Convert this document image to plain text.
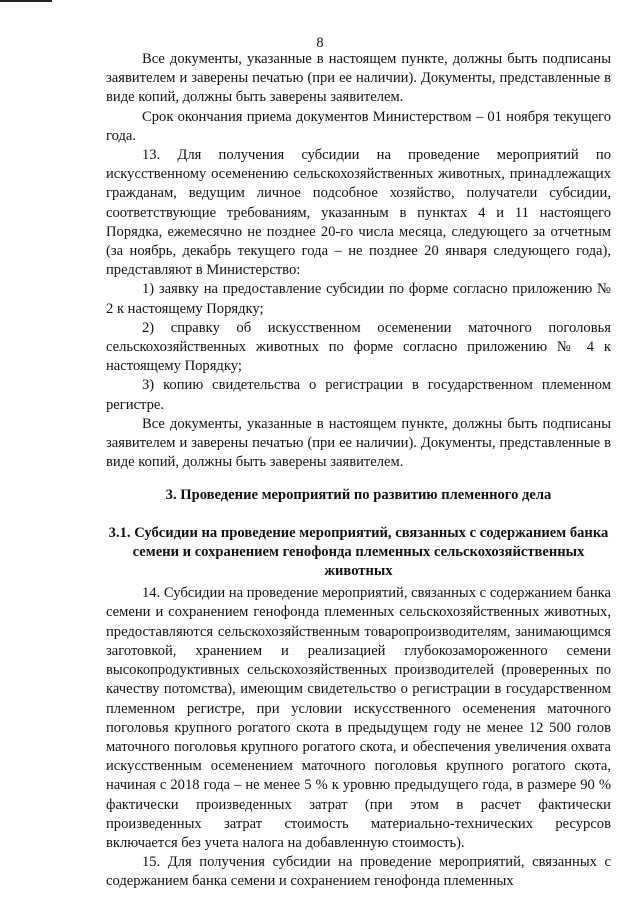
8

Все документы, указанные в настоящем пункте, должны быть подписаны заявителем и заверены печатью (при ее наличии). Документы, представленные в виде копий, должны быть заверены заявителем.

Срок окончания приема документов Министерством – 01 ноября текущего года.

13. Для получения субсидии на проведение мероприятий по искусственному осеменению сельскохозяйственных животных, принадлежащих гражданам, ведущим личное подсобное хозяйство, получатели субсидии, соответствующие требованиям, указанным в пунктах 4 и 11 настоящего Порядка, ежемесячно не позднее 20-го числа месяца, следующего за отчетным (за ноябрь, декабрь текущего года – не позднее 20 января следующего года), представляют в Министерство:

1) заявку на предоставление субсидии по форме согласно приложению № 2 к настоящему Порядку;

2) справку об искусственном осеменении маточного поголовья сельскохозяйственных животных по форме согласно приложению № 4 к настоящему Порядку;

3) копию свидетельства о регистрации в государственном племенном регистре.

Все документы, указанные в настоящем пункте, должны быть подписаны заявителем и заверены печатью (при ее наличии). Документы, представленные в виде копий, должны быть заверены заявителем.

3. Проведение мероприятий по развитию племенного дела

3.1. Субсидии на проведение мероприятий, связанных с содержанием банка семени и сохранением генофонда племенных сельскохозяйственных животных

14. Субсидии на проведение мероприятий, связанных с содержанием банка семени и сохранением генофонда племенных сельскохозяйственных животных, предоставляются сельскохозяйственным товаропроизводителям, занимающимся заготовкой, хранением и реализацией глубокозамороженного семени высокопродуктивных сельскохозяйственных производителей (проверенных по качеству потомства), имеющим свидетельство о регистрации в государственном племенном регистре, при условии искусственного осеменения маточного поголовья крупного рогатого скота в предыдущем году не менее 12 500 голов маточного поголовья крупного рогатого скота, и обеспечения увеличения охвата искусственным осеменением маточного поголовья крупного рогатого скота, начиная с 2018 года – не менее 5 % к уровню предыдущего года, в размере 90 % фактически произведенных затрат (при этом в расчет фактически произведенных затрат стоимость материально-технических ресурсов включается без учета налога на добавленную стоимость).

15. Для получения субсидии на проведение мероприятий, связанных с содержанием банка семени и сохранением генофонда племенных
